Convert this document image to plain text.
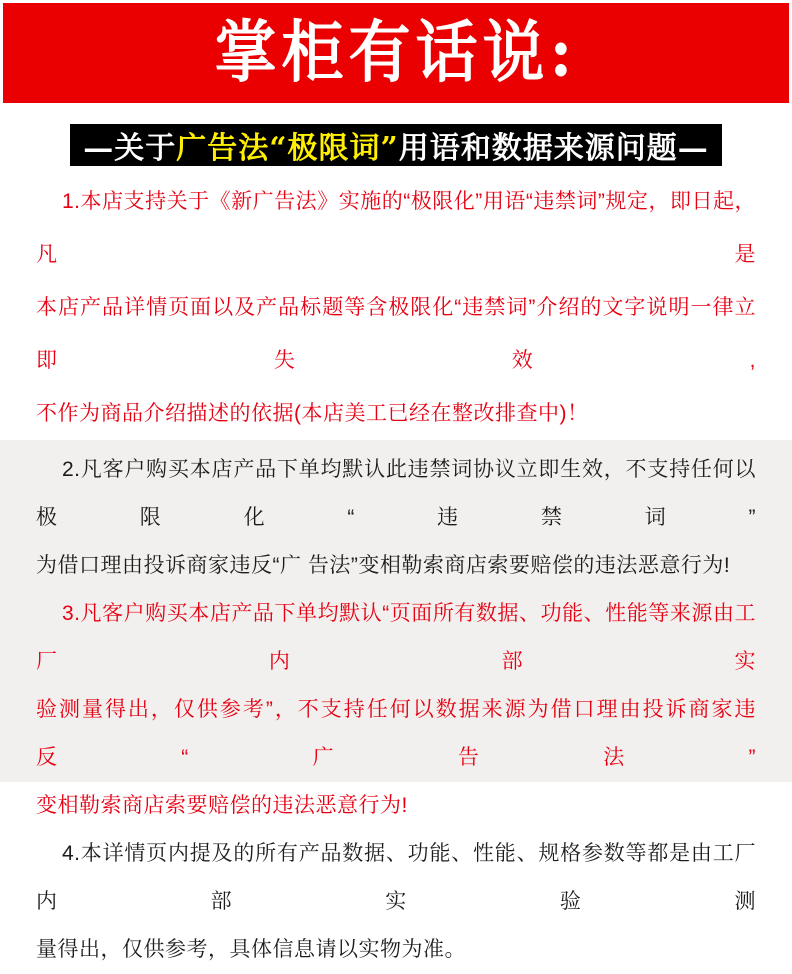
掌柜有话说:
—关于 广告法“极限词” 用语和数据来源问题—
1.本店支持关于《新广告法》实施的“极限化”用语“违禁词”规定，即日起，凡是
本店产品详情页面以及产品标题等含极限化“违禁词”介绍的文字说明一律立即失效,
不作为商品介绍描述的依据(本店美工已经在整改排查中)！
2.凡客户购买本店产品下单均默认此违禁词协议立即生效，不支持任何以极限化“违禁词”
为借口理由投诉商家违反“广 告法”变相勒索商店索要赔偿的违法恶意行为!
3.凡客户购买本店产品下单均默认“页面所有数据、功能、性能等来源由工厂内部实
验测量得出，仅供参考”，不支持任何以数据来源为借口理由投诉商家违反“广告法”
变相勒索商店索要赔偿的违法恶意行为!
4.本详情页内提及的所有产品数据、功能、性能、规格参数等都是由工厂内部实验测
量得出，仅供参考，具体信息请以实物为准。
